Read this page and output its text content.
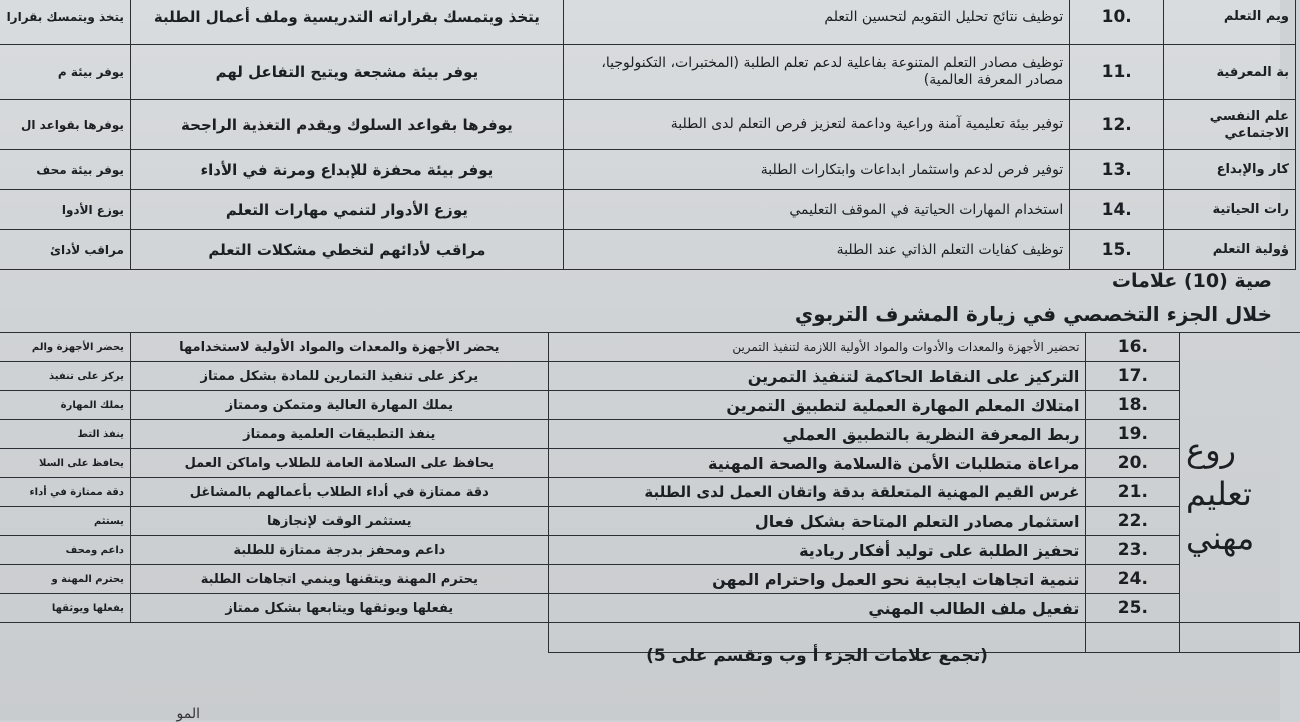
يتخذ ويتمسك بقرارا	يتخذ ويتمسك بقراراته التدريسية وملف أعمال الطلبة	توظيف نتائج تحليل التقويم لتحسين التعلم	10.	ويم التعلم
يوفر بيئة م	يوفر بيئة مشجعة ويتيح التفاعل لهم	توظيف مصادر التعلم المتنوعة بفاعلية لدعم تعلم الطلبة (المختبرات، التكنولوجيا، مصادر المعرفة العالمية)	11.	بة المعرفية
يوفرها بقواعد ال	يوفرها بقواعد السلوك ويقدم التغذية الراجحة	توفير بيئة تعليمية آمنة وراعية وداعمة لتعزيز فرص التعلم لدى الطلبة	12.	علم النفسي الاجتماعي
يوفر بيئة محف	يوفر بيئة محفزة للإبداع ومرنة في الأداء	توفير فرص لدعم واستثمار ابداعات وابتكارات الطلبة	13.	كار والإبداع
يوزع الأدوا	يوزع الأدوار لتنمي مهارات التعلم	استخدام المهارات الحياتية في الموقف التعليمي	14.	رات الحياتية
مراقب لأدائ	مراقب لأدائهم لتخطي مشكلات التعلم	توظيف كفايات التعلم الذاتي عند الطلبة	15.	ؤولية التعلم
صية (10) علامات
خلال الجزء التخصصي في زيارة المشرف التربوي
يحضر الأجهزة والم	يحضر الأجهزة والمعدات والمواد الأولية لاستخدامها	تحضير الأجهزة والمعدات والأدوات والمواد الأولية اللازمة لتنفيذ التمرين	16.	
يركز على تنفيذ	يركز على تنفيذ التمارين للمادة بشكل ممتاز	التركيز على النقاط الحاكمة لتنفيذ التمرين	17.	
يملك المهارة	يملك المهارة العالية ومتمكن وممتاز	امتلاك المعلم المهارة العملية لتطبيق التمرين	18.	
ينفذ التط	ينفذ التطبيقات العلمية وممتاز	ربط المعرفة النظرية بالتطبيق العملي	19.	
يحافظ على السلا	يحافظ على السلامة العامة للطلاب واماكن العمل	مراعاة متطلبات الأمن ةالسلامة والصحة المهنية	20.	
دقة ممتازة في أداء	دقة ممتازة في أداء الطلاب بأعمالهم بالمشاغل	غرس القيم المهنية المتعلقة بدقة واتقان العمل لدى الطلبة	21.	
يستثم	يستثمر الوقت لإنجازها	استثمار مصادر التعلم المتاحة بشكل فعال	22.	
داعم ومحف	داعم ومحفز بدرجة ممتازة للطلبة	تحفيز الطلبة على توليد أفكار ريادية	23.	
يحترم المهنة و	يحترم المهنة ويتقنها وينمي اتجاهات الطلبة	تنمية اتجاهات ايجابية نحو العمل واحترام المهن	24.	
يفعلها ويوثقها	يفعلها ويوثقها ويتابعها بشكل ممتاز	تفعيل ملف الطالب المهني	25.	

(تجمع علامات الجزء أ وب وتقسم على 5)
روع
تعليم
مهني
المو
